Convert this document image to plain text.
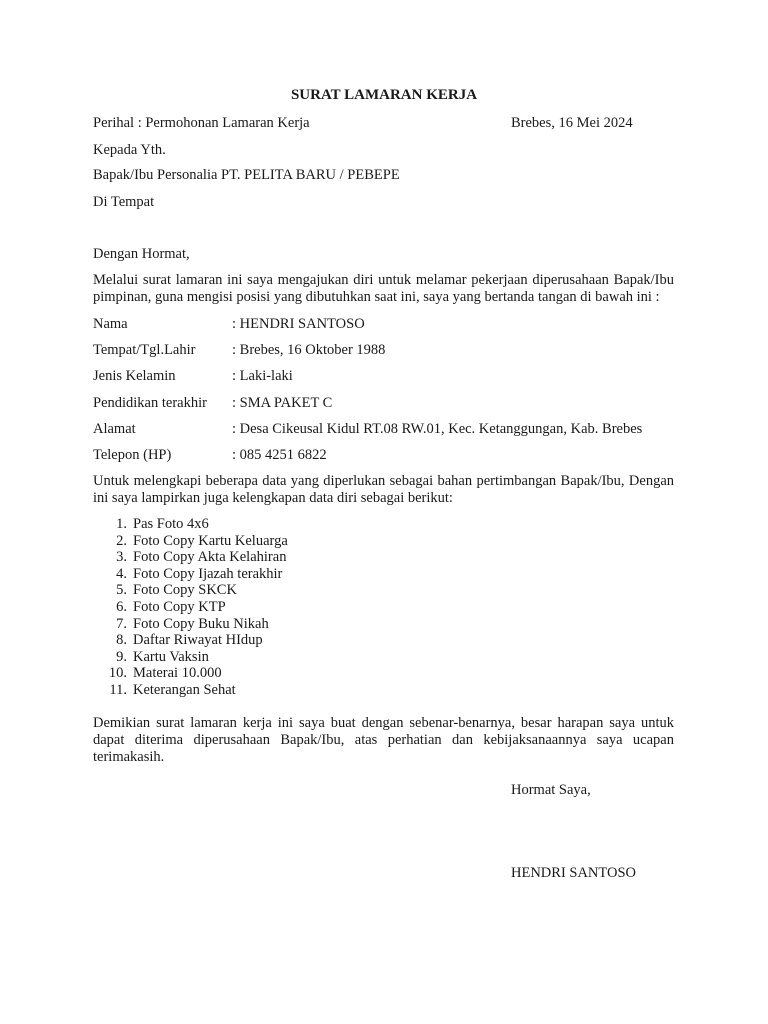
SURAT LAMARAN KERJA
Perihal : Permohonan Lamaran Kerja	Brebes, 16 Mei 2024
Kepada Yth.
Bapak/Ibu Personalia PT. PELITA BARU / PEBEPE
Di Tempat
Dengan Hormat,
Melalui surat lamaran ini saya mengajukan diri untuk melamar pekerjaan diperusahaan Bapak/Ibu pimpinan, guna mengisi posisi yang dibutuhkan saat ini, saya yang bertanda tangan di bawah ini :
Nama	: HENDRI SANTOSO
Tempat/Tgl.Lahir	: Brebes, 16 Oktober 1988
Jenis Kelamin	: Laki-laki
Pendidikan terakhir : SMA PAKET C
Alamat	: Desa Cikeusal Kidul RT.08 RW.01, Kec. Ketanggungan, Kab. Brebes
Telepon (HP)	: 085 4251 6822
Untuk melengkapi beberapa data yang diperlukan sebagai bahan pertimbangan Bapak/Ibu, Dengan ini saya lampirkan juga kelengkapan data diri sebagai berikut:
1. Pas Foto 4x6
2. Foto Copy Kartu Keluarga
3. Foto Copy Akta Kelahiran
4. Foto Copy Ijazah terakhir
5. Foto Copy SKCK
6. Foto Copy KTP
7. Foto Copy Buku Nikah
8. Daftar Riwayat HIdup
9. Kartu Vaksin
10. Materai 10.000
11. Keterangan Sehat
Demikian surat lamaran kerja ini saya buat dengan sebenar-benarnya, besar harapan saya untuk dapat diterima diperusahaan Bapak/Ibu, atas perhatian dan kebijaksanaannya saya ucapan terimakasih.
Hormat Saya,
HENDRI SANTOSO
